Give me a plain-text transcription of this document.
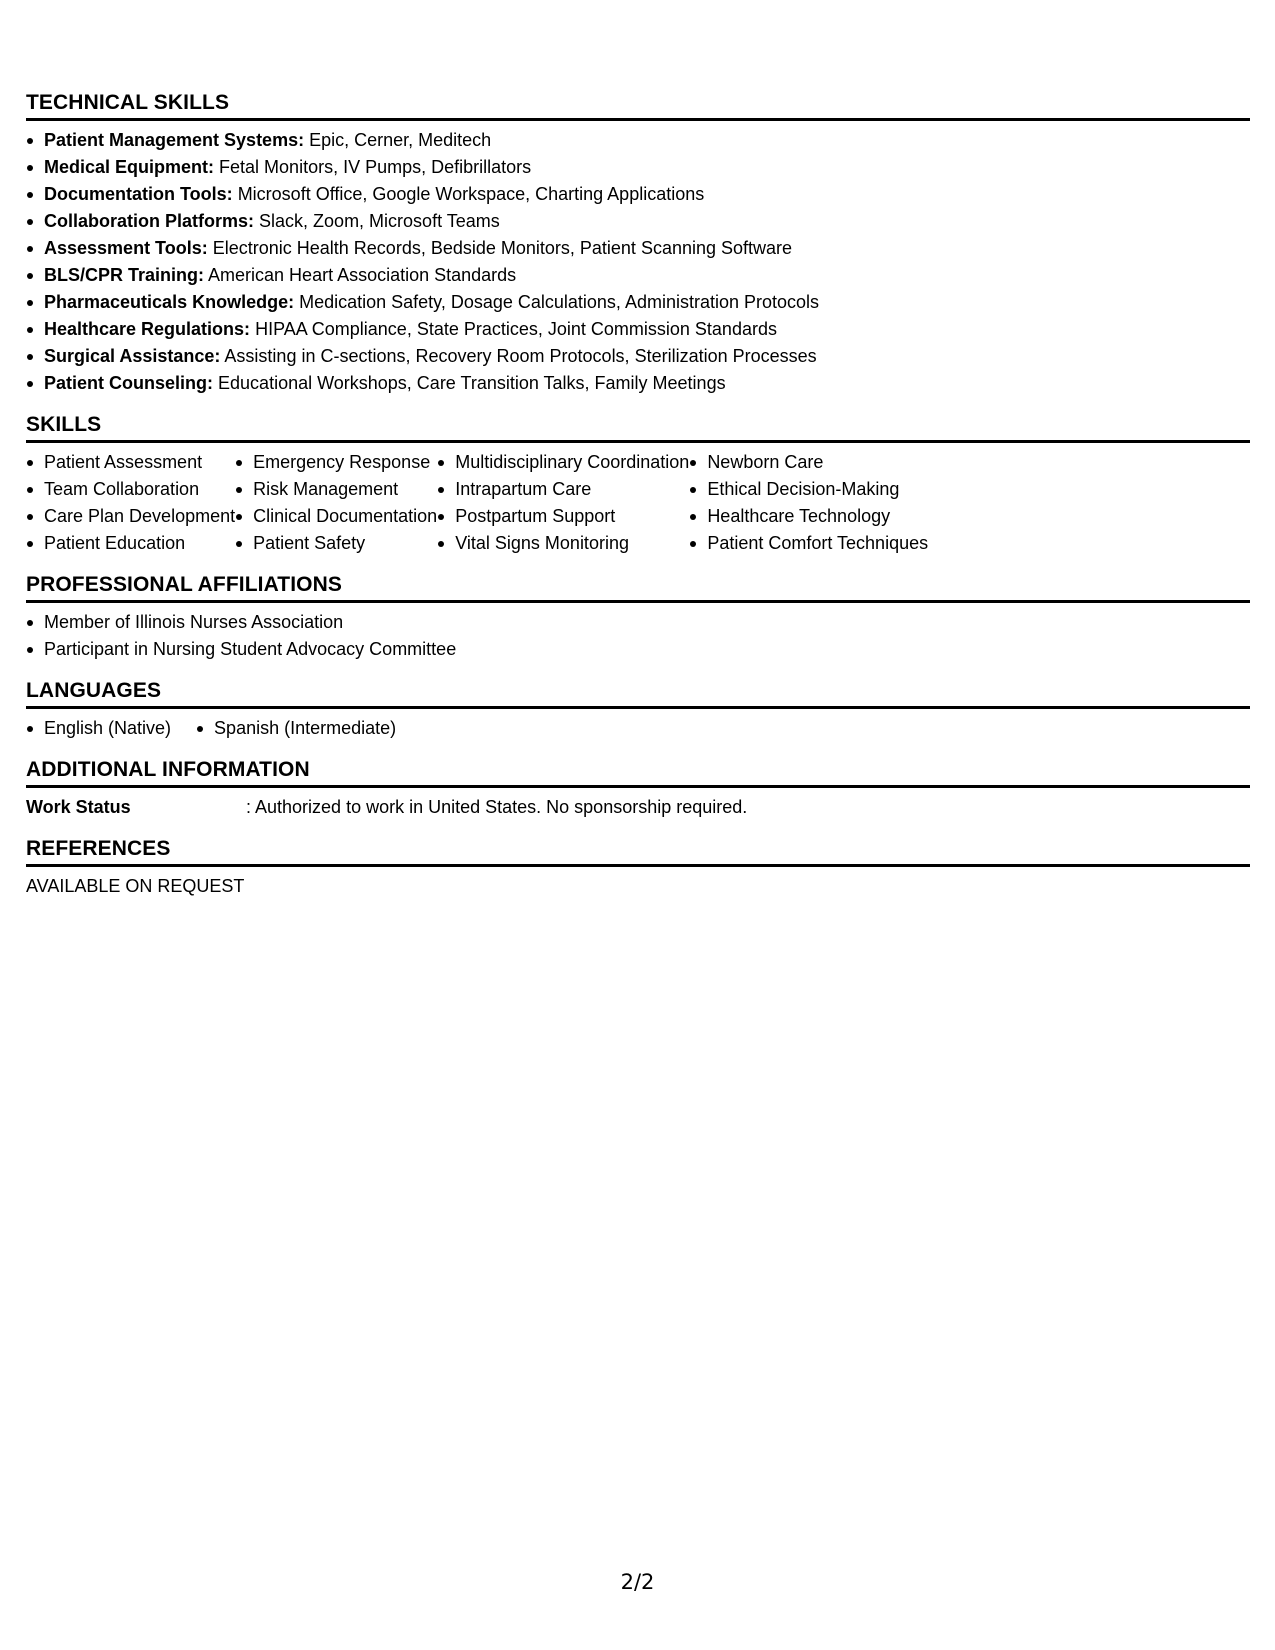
TECHNICAL SKILLS
Patient Management Systems: Epic, Cerner, Meditech
Medical Equipment: Fetal Monitors, IV Pumps, Defibrillators
Documentation Tools: Microsoft Office, Google Workspace, Charting Applications
Collaboration Platforms: Slack, Zoom, Microsoft Teams
Assessment Tools: Electronic Health Records, Bedside Monitors, Patient Scanning Software
BLS/CPR Training: American Heart Association Standards
Pharmaceuticals Knowledge: Medication Safety, Dosage Calculations, Administration Protocols
Healthcare Regulations: HIPAA Compliance, State Practices, Joint Commission Standards
Surgical Assistance: Assisting in C-sections, Recovery Room Protocols, Sterilization Processes
Patient Counseling: Educational Workshops, Care Transition Talks, Family Meetings
SKILLS
Patient Assessment
Team Collaboration
Care Plan Development
Patient Education
Emergency Response
Risk Management
Clinical Documentation
Patient Safety
Multidisciplinary Coordination
Intrapartum Care
Postpartum Support
Vital Signs Monitoring
Newborn Care
Ethical Decision-Making
Healthcare Technology
Patient Comfort Techniques
PROFESSIONAL AFFILIATIONS
Member of Illinois Nurses Association
Participant in Nursing Student Advocacy Committee
LANGUAGES
English (Native)	Spanish (Intermediate)
ADDITIONAL INFORMATION
Work Status	: Authorized to work in United States. No sponsorship required.
REFERENCES
AVAILABLE ON REQUEST
2/2
